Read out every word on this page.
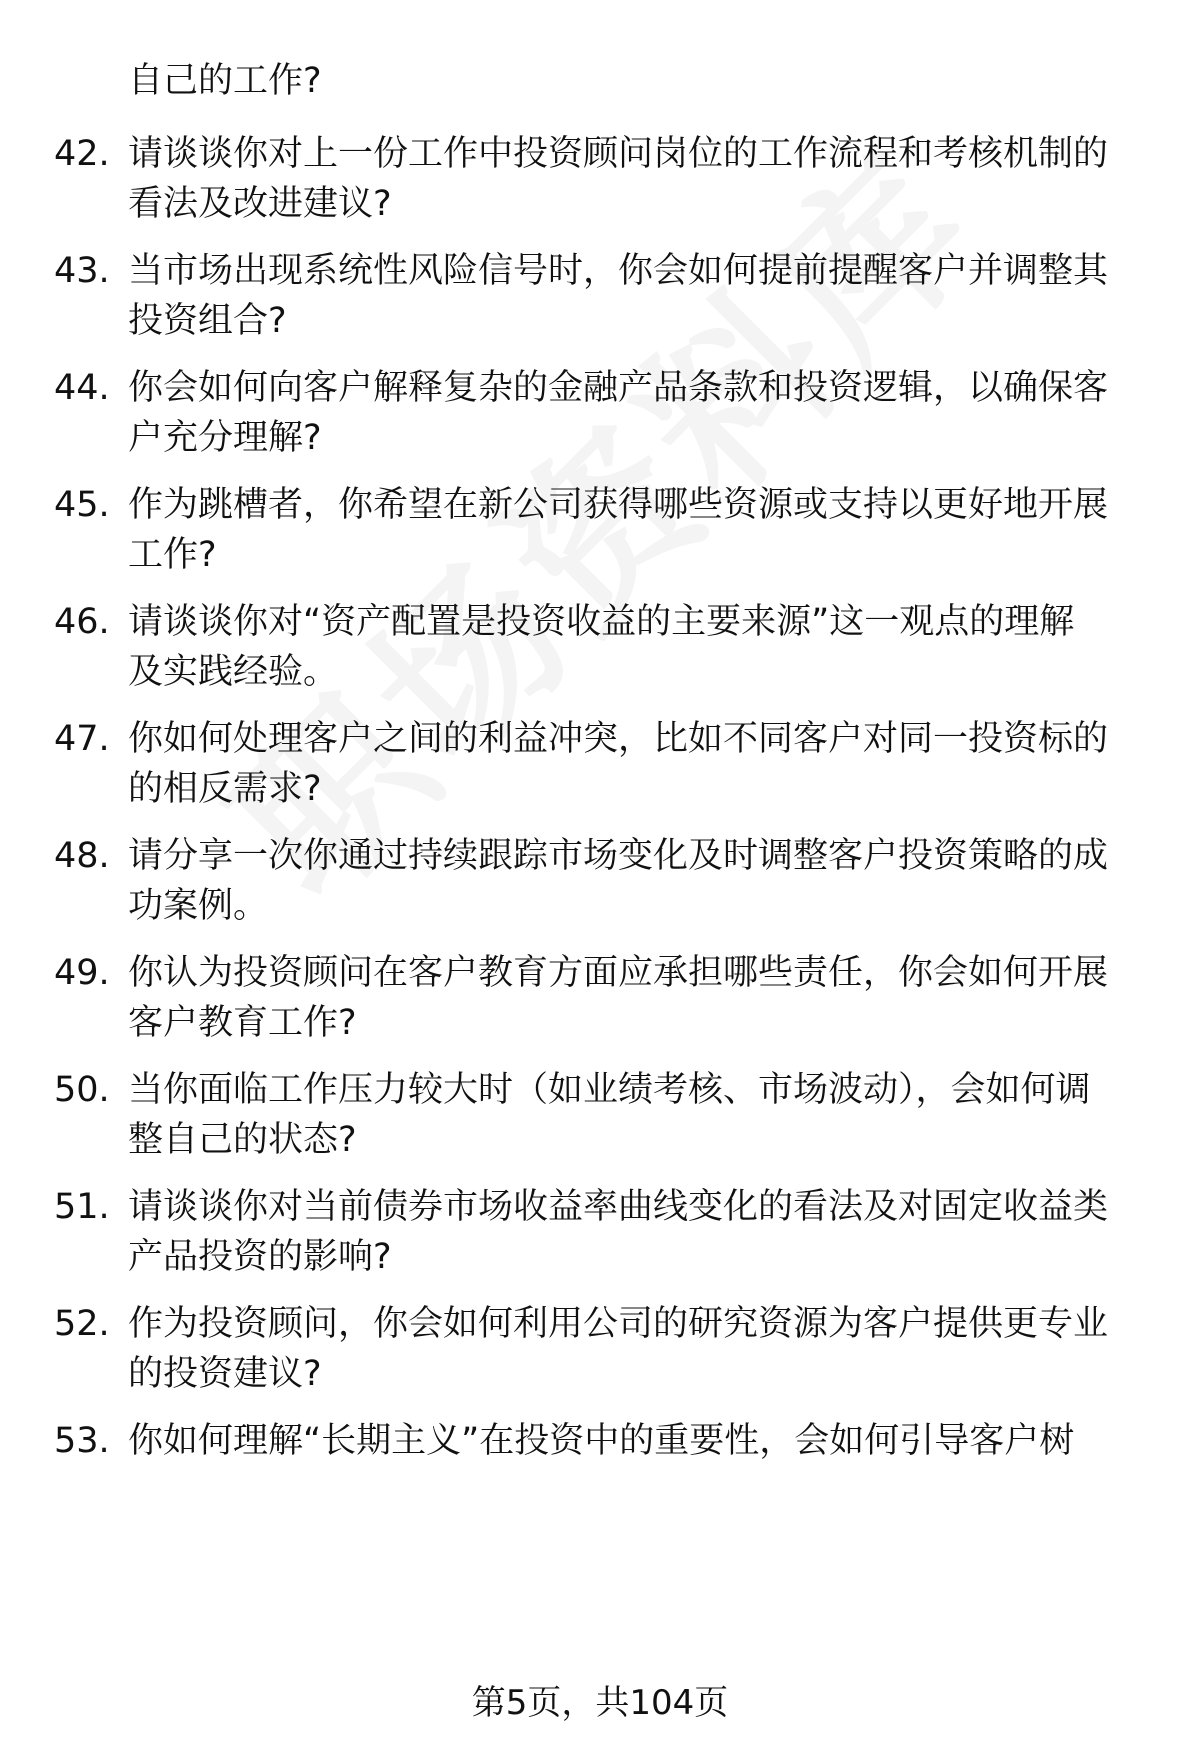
自己的工作?
42. 请谈谈你对上一份工作中投资顾问岗位的工作流程和考核机制的
看法及改进建议?
43. 当市场出现系统性风险信号时，你会如何提前提醒客户并调整其
投资组合?
44. 你会如何向客户解释复杂的金融产品条款和投资逻辑，以确保客
户充分理解?
45. 作为跳槽者，你希望在新公司获得哪些资源或支持以更好地开展
工作?
46. 请谈谈你对“资产配置是投资收益的主要来源”这一观点的理解
及实践经验。
47. 你如何处理客户之间的利益冲突，比如不同客户对同一投资标的
的相反需求?
48. 请分享一次你通过持续跟踪市场变化及时调整客户投资策略的成
功案例。
49. 你认为投资顾问在客户教育方面应承担哪些责任，你会如何开展
客户教育工作?
50. 当你面临工作压力较大时（如业绩考核、市场波动），会如何调
整自己的状态?
51. 请谈谈你对当前债券市场收益率曲线变化的看法及对固定收益类
产品投资的影响?
52. 作为投资顾问，你会如何利用公司的研究资源为客户提供更专业
的投资建议?
53. 你如何理解“长期主义”在投资中的重要性，会如何引导客户树
第5页，共104页
